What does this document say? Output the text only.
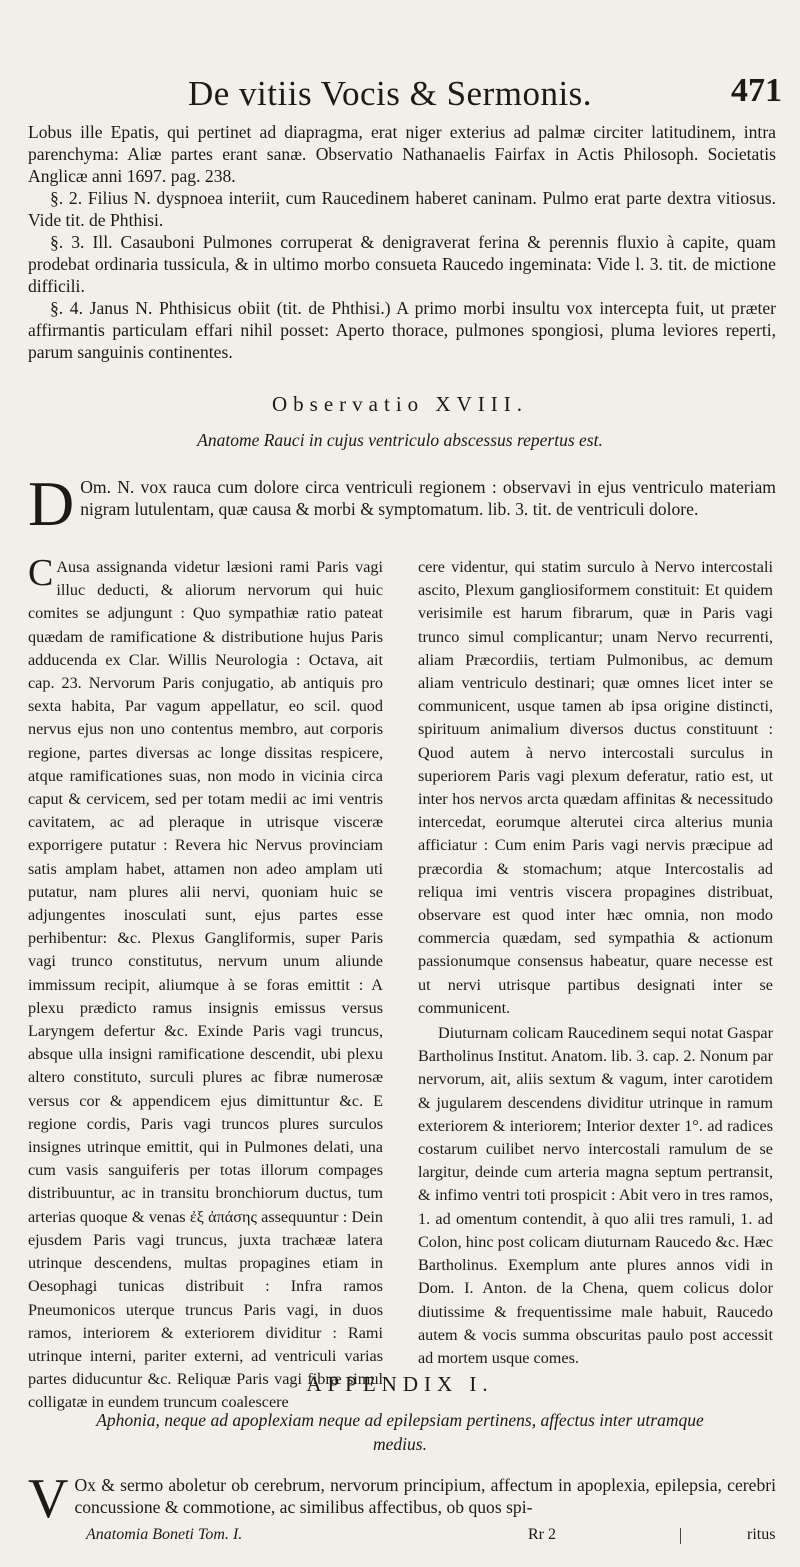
De vitiis Vocis & Sermonis.	471

Lobus ille Epatis, qui pertinet ad diapragma, erat niger exterius ad palmæ circiter latitudinem, intra parenchyma: Aliæ partes erant sanæ. Observatio Nathanaelis Fairfax in Actis Philosoph. Societatis Anglicæ anni 1697. pag. 238.

§. 2. Filius N. dyspnoea interiit, cum Raucedinem haberet caninam. Pulmo erat parte dextra vitiosus. Vide tit. de Phthisi.

§. 3. Ill. Casauboni Pulmones corruperat & denigraverat ferina & perennis fluxio à capite, quam prodebat ordinaria tussicula, & in ultimo morbo consueta Raucedo ingeminata: Vide l. 3. tit. de mictione difficili.

§. 4. Janus N. Phthisicus obiit (tit. de Phthisi.) A primo morbi insultu vox intercepta fuit, ut præter affirmantis particulam effari nihil posset: Aperto thorace, pulmones spongiosi, pluma leviores reperti, parum sanguinis continentes.

Observatio XVIII.
Anatome Rauci in cujus ventriculo abscessus repertus est.
D Om. N. vox rauca cum dolore circa ventriculi regionem : observavi in ejus ventriculo materiam nigram lutulentam, quæ causa & morbi & symptomatum. lib. 3. tit. de ventriculi dolore.

C Ausa assignanda videtur læsioni rami Paris vagi illuc deducti, & aliorum nervorum qui huic comites se adjungunt : Quo sympathiæ ratio pateat quædam de ramificatione & distributione hujus Paris adducenda ex Clar. Willis Neurologia : Octava, ait cap. 23. Nervorum Paris conjugatio, ab antiquis pro sexta habita, Par vagum appellatur, eo scil. quod nervus ejus non uno contentus membro, aut corporis regione, partes diversas ac longe dissitas respicere, atque ramificationes suas, non modo in vicinia circa caput & cervicem, sed per totam medii ac imi ventris cavitatem, ac ad pleraque in utrisque visceræ exporrigere putatur : Revera hic Nervus provinciam satis amplam habet, attamen non adeo amplam uti putatur, nam plures alii nervi, quoniam huic se adjungentes inosculati sunt, ejus partes esse perhibentur: &c. Plexus Gangliformis, super Paris vagi trunco constitutus, nervum unum aliunde immissum recipit, aliumque à se foras emittit : A plexu prædicto ramus insignis emissus versus Laryngem defertur &c. Exinde Paris vagi truncus, absque ulla insigni ramificatione descendit, ubi plexu altero constituto, surculi plures ac fibræ numerosæ versus cor & appendicem ejus dimittuntur &c. E regione cordis, Paris vagi truncos plures surculos insignes utrinque emittit, qui in Pulmones delati, una cum vasis sanguiferis per totas illorum compages distribuuntur, ac in transitu bronchiorum ductus, tum arterias quoque & venas ἐξ ἀπάσης assequuntur : Dein ejusdem Paris vagi truncus, juxta trachææ latera utrinque descendens, multas propagines etiam in Oesophagi tunicas distribuit : Infra ramos Pneumonicos uterque truncus Paris vagi, in duos ramos, interiorem & exteriorem dividitur : Rami utrinque interni, pariter externi, ad ventriculi varias partes diducuntur &c. Reliquæ Paris vagi fibræ simul colligatæ in eundem truncum coalescere

cere videntur, qui statim surculo à Nervo intercostali ascito, Plexum gangliosiformem constituit: Et quidem verisimile est harum fibrarum, quæ in Paris vagi trunco simul complicantur; unam Nervo recurrenti, aliam Præcordiis, tertiam Pulmonibus, ac demum aliam ventriculo destinari; quæ omnes licet inter se communicent, usque tamen ab ipsa origine distincti, spirituum animalium diversos ductus constituunt : Quod autem à nervo intercostali surculus in superiorem Paris vagi plexum deferatur, ratio est, ut inter hos nervos arcta quædam affinitas & necessitudo intercedat, eorumque alterutei circa alterius munia afficiatur : Cum enim Paris vagi nervis præcipue ad præcordia & stomachum; atque Intercostalis ad reliqua imi ventris viscera propagines distribuat, observare est quod inter hæc omnia, non modo commercia quædam, sed sympathia & actionum passionumque consensus habeatur, quare necesse est ut nervi utrisque partibus designati inter se communicent.

Diuturnam colicam Raucedinem sequi notat Gaspar Bartholinus Institut. Anatom. lib. 3. cap. 2. Nonum par nervorum, ait, aliis sextum & vagum, inter carotidem & jugularem descendens dividitur utrinque in ramum exteriorem & interiorem; Interior dexter 1°. ad radices costarum cuilibet nervo intercostali ramulum de se largitur, deinde cum arteria magna septum pertransit, & infimo ventri toti prospicit : Abit vero in tres ramos, 1. ad omentum contendit, à quo alii tres ramuli, 1. ad Colon, hinc post colicam diuturnam Raucedo &c. Hæc Bartholinus. Exemplum ante plures annos vidi in Dom. I. Anton. de la Chena, quem colicus dolor diutissime & frequentissime male habuit, Raucedo autem & vocis summa obscuritas paulo post accessit ad mortem usque comes.

APPENDIX I.
Aphonia, neque ad apoplexiam neque ad epilepsiam pertinens, affectus inter utramque medius.
V Ox & sermo aboletur ob cerebrum, nervorum principium, affectum in apoplexia, epilepsia, cerebri concussione & commotione, ac similibus affectibus, ob quos spi-
Anatomia Boneti Tom. I.	Rr 2	ritus
